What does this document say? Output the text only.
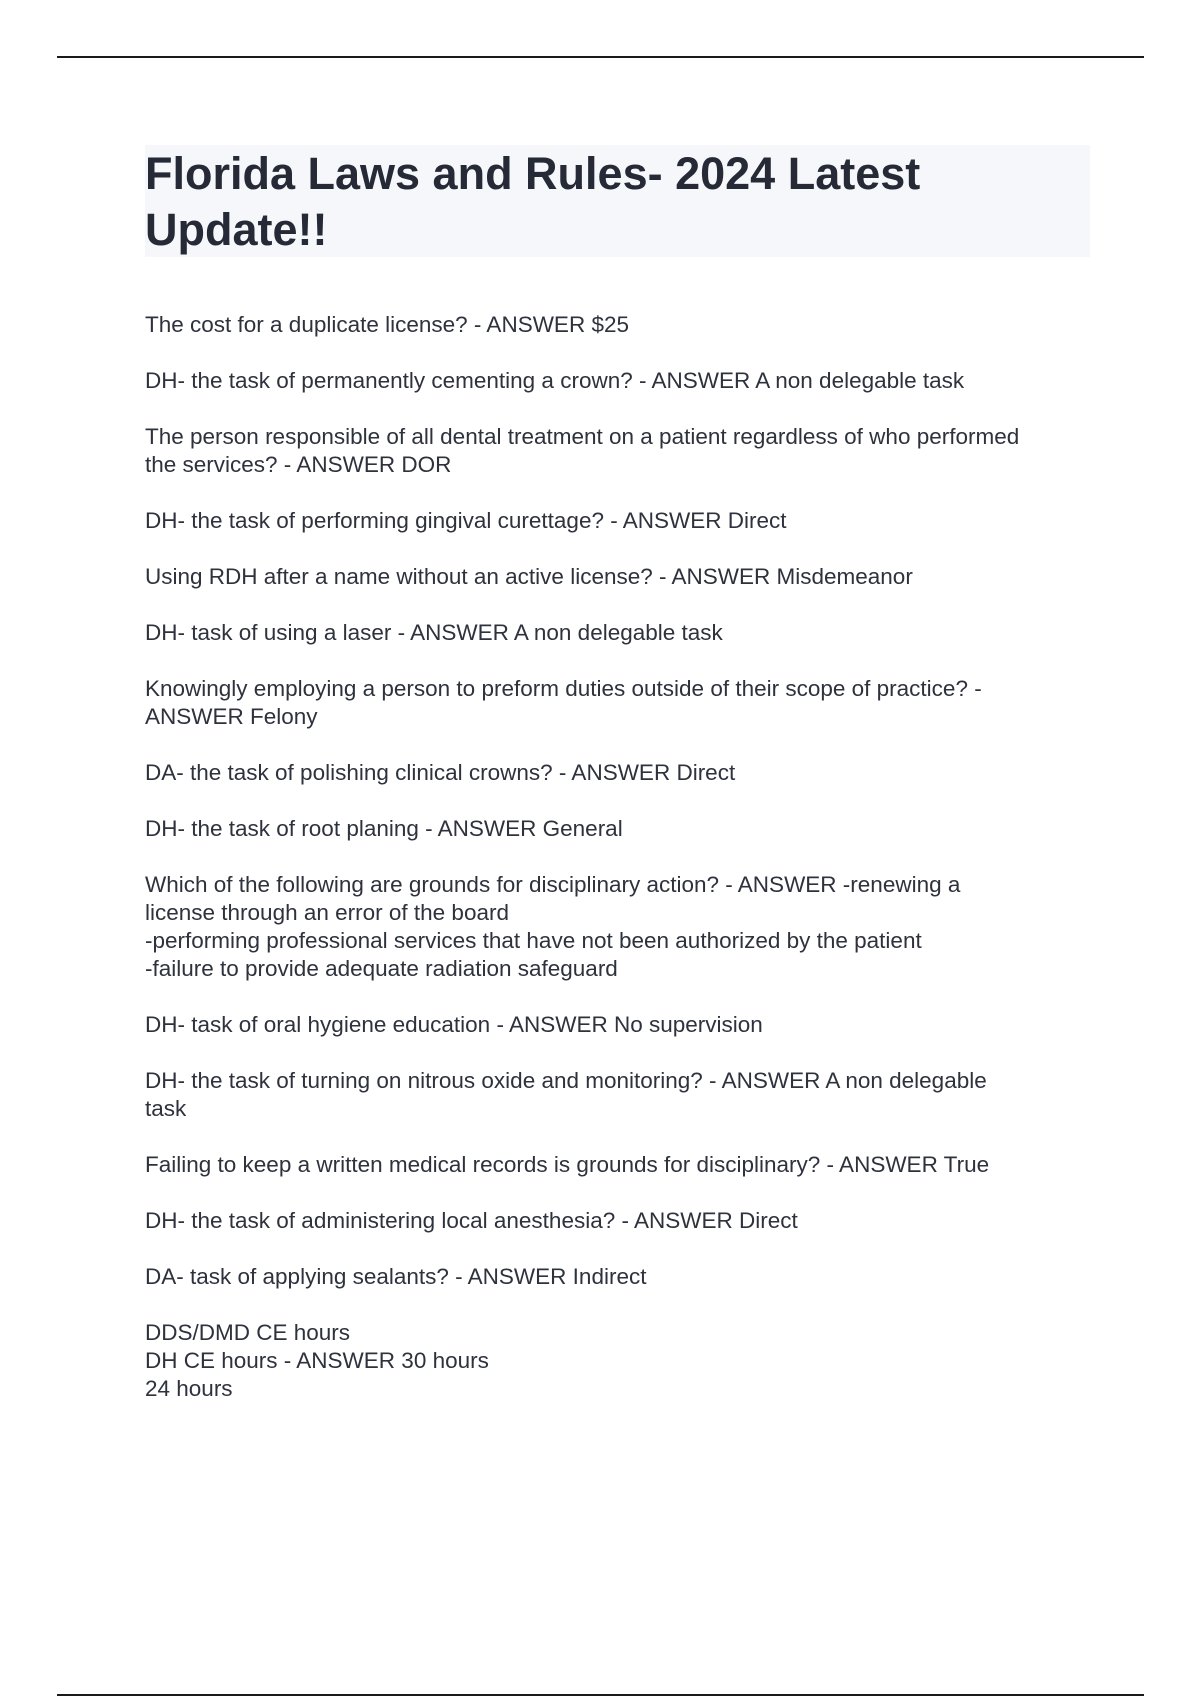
Florida Laws and Rules- 2024 Latest
Update!!

The cost for a duplicate license? - ANSWER $25

DH- the task of permanently cementing a crown? - ANSWER A non delegable task

The person responsible of all dental treatment on a patient regardless of who performed
the services? - ANSWER DOR

DH- the task of performing gingival curettage? - ANSWER Direct

Using RDH after a name without an active license? - ANSWER Misdemeanor

DH- task of using a laser - ANSWER A non delegable task

Knowingly employing a person to preform duties outside of their scope of practice? -
ANSWER Felony

DA- the task of polishing clinical crowns? - ANSWER Direct

DH- the task of root planing - ANSWER General

Which of the following are grounds for disciplinary action? - ANSWER -renewing a
license through an error of the board
-performing professional services that have not been authorized by the patient
-failure to provide adequate radiation safeguard

DH- task of oral hygiene education - ANSWER No supervision

DH- the task of turning on nitrous oxide and monitoring? - ANSWER A non delegable
task

Failing to keep a written medical records is grounds for disciplinary? - ANSWER True

DH- the task of administering local anesthesia? - ANSWER Direct

DA- task of applying sealants? - ANSWER Indirect

DDS/DMD CE hours
DH CE hours - ANSWER 30 hours
24 hours
